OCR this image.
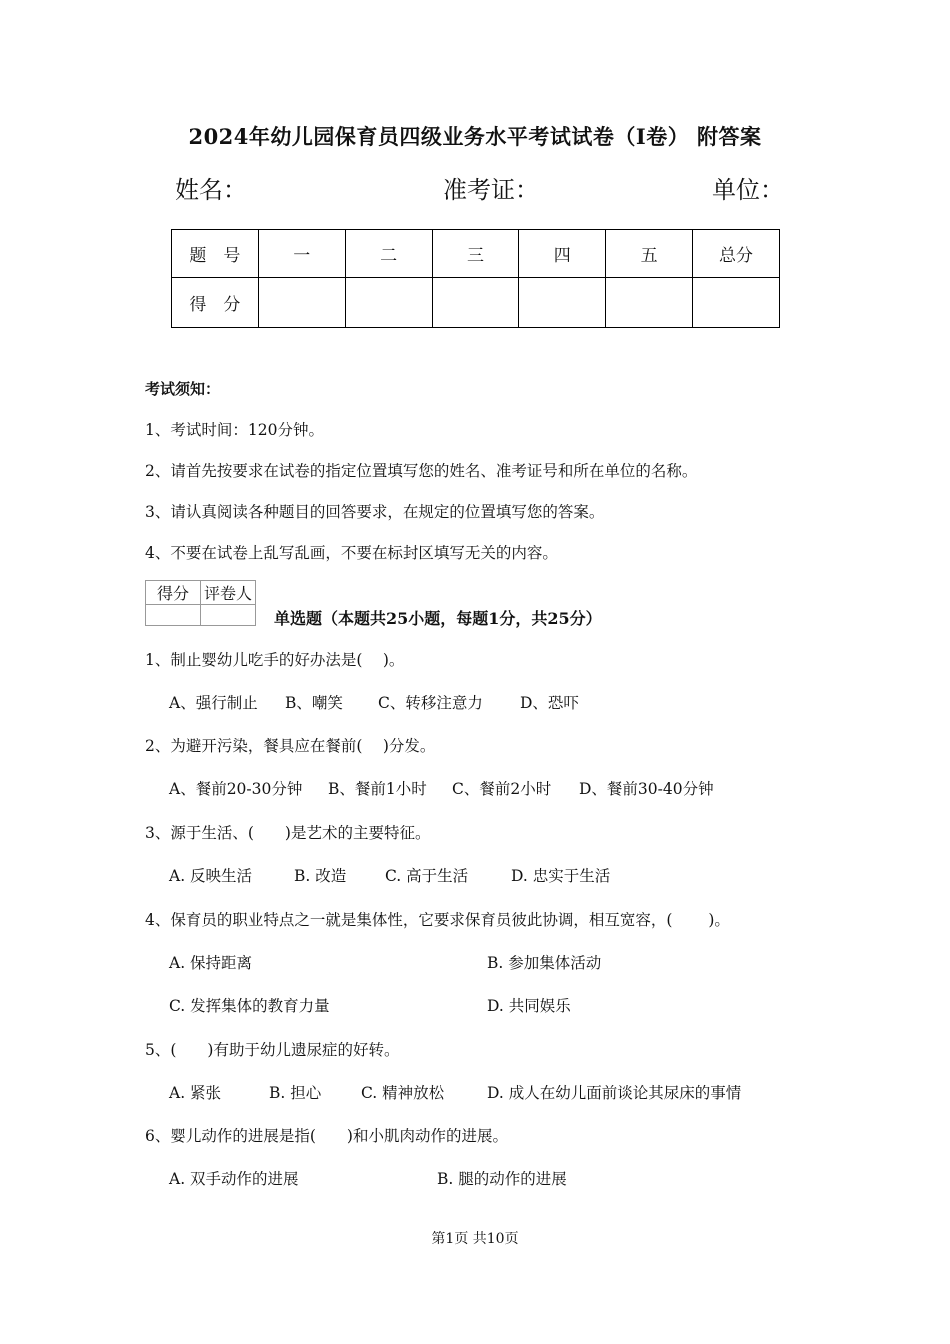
2024年幼儿园保育员四级业务水平考试试卷（I卷） 附答案
姓名：	准考证：	单位：
题　号	一	二	三	四	五	总分
得　分						
考试须知：
1、考试时间：120分钟。
2、请首先按要求在试卷的指定位置填写您的姓名、准考证号和所在单位的名称。
3、请认真阅读各种题目的回答要求，在规定的位置填写您的答案。
4、不要在试卷上乱写乱画，不要在标封区填写无关的内容。
得分	评卷人

单选题（本题共25小题，每题1分，共25分）
1、制止婴幼儿吃手的好办法是(　 )。
A、强行制止 B、嘲笑 C、转移注意力 D、恐吓
2、为避开污染，餐具应在餐前(　 )分发。
A、餐前20-30分钟 B、餐前1小时 C、餐前2小时 D、餐前30-40分钟
3、源于生活、(　　)是艺术的主要特征。
A. 反映生活	B. 改造	C. 高于生活	D. 忠实于生活
4、保育员的职业特点之一就是集体性，它要求保育员彼此协调，相互宽容，(　　 )。
A. 保持距离	B. 参加集体活动
C. 发挥集体的教育力量	D. 共同娱乐
5、(　　)有助于幼儿遗尿症的好转。
A. 紧张	B. 担心	C. 精神放松	D. 成人在幼儿面前谈论其尿床的事情
6、婴儿动作的进展是指(　　)和小肌肉动作的进展。
A. 双手动作的进展	B. 腿的动作的进展
第1页 共10页
